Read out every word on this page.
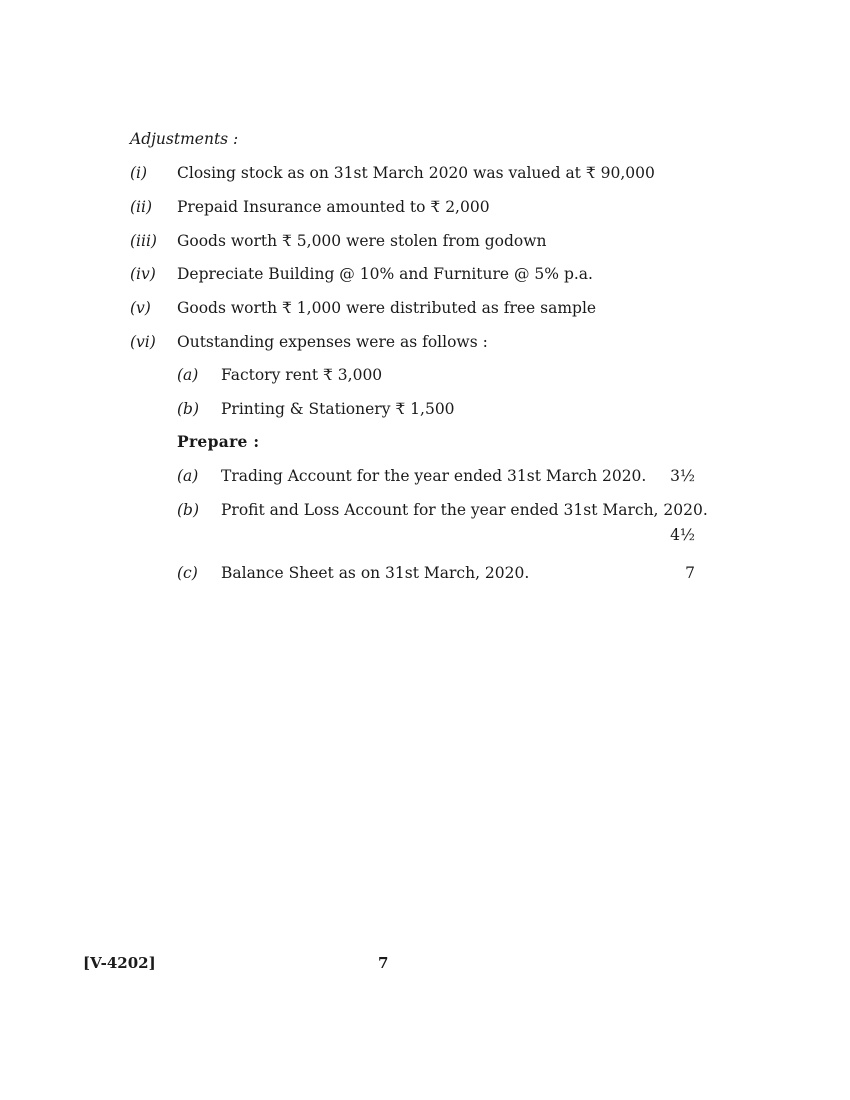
Adjustments :
(i) Closing stock as on 31st March 2020 was valued at ₹ 90,000
(ii) Prepaid Insurance amounted to ₹ 2,000
(iii) Goods worth ₹ 5,000 were stolen from godown
(iv) Depreciate Building @ 10% and Furniture @ 5% p.a.
(v) Goods worth ₹ 1,000 were distributed as free sample
(vi) Outstanding expenses were as follows :
(a) Factory rent ₹ 3,000
(b) Printing & Stationery ₹ 1,500
Prepare :
(a) Trading Account for the year ended 31st March 2020. 3½
(b) Profit and Loss Account for the year ended 31st March, 2020.
4½
(c) Balance Sheet as on 31st March, 2020.	7
[V-4202]	7
